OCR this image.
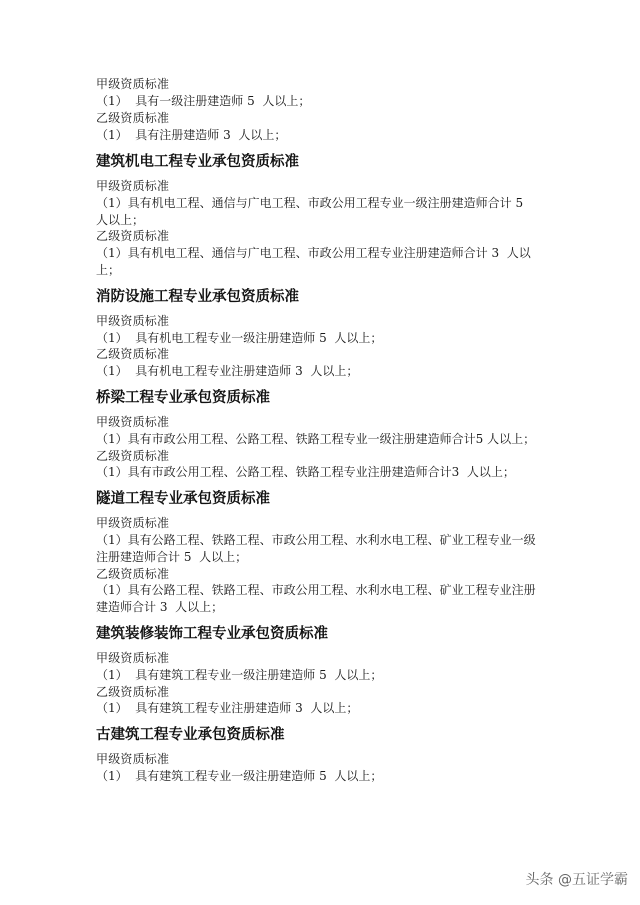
甲级资质标准
（1）  具有一级注册建造师 5  人以上；
乙级资质标准
（1）  具有注册建造师 3  人以上；
建筑机电工程专业承包资质标准
甲级资质标准
（1）具有机电工程、通信与广电工程、市政公用工程专业一级注册建造师合计 5  人以上；
乙级资质标准
（1）具有机电工程、通信与广电工程、市政公用工程专业注册建造师合计 3  人以上；
消防设施工程专业承包资质标准
甲级资质标准
（1）  具有机电工程专业一级注册建造师 5  人以上；
乙级资质标准
（1）  具有机电工程专业注册建造师 3  人以上；
桥梁工程专业承包资质标准
甲级资质标准
（1）具有市政公用工程、公路工程、铁路工程专业一级注册建造师合计5 人以上；
乙级资质标准
（1）具有市政公用工程、公路工程、铁路工程专业注册建造师合计3  人以上；
隧道工程专业承包资质标准
甲级资质标准
（1）具有公路工程、铁路工程、市政公用工程、水利水电工程、矿业工程专业一级注册建造师合计 5  人以上；
乙级资质标准
（1）具有公路工程、铁路工程、市政公用工程、水利水电工程、矿业工程专业注册建造师合计 3  人以上；
建筑装修装饰工程专业承包资质标准
甲级资质标准
（1）  具有建筑工程专业一级注册建造师 5  人以上；
乙级资质标准
（1）  具有建筑工程专业注册建造师 3  人以上；
古建筑工程专业承包资质标准
甲级资质标准
（1）  具有建筑工程专业一级注册建造师 5  人以上；
头条 @五证学霸
